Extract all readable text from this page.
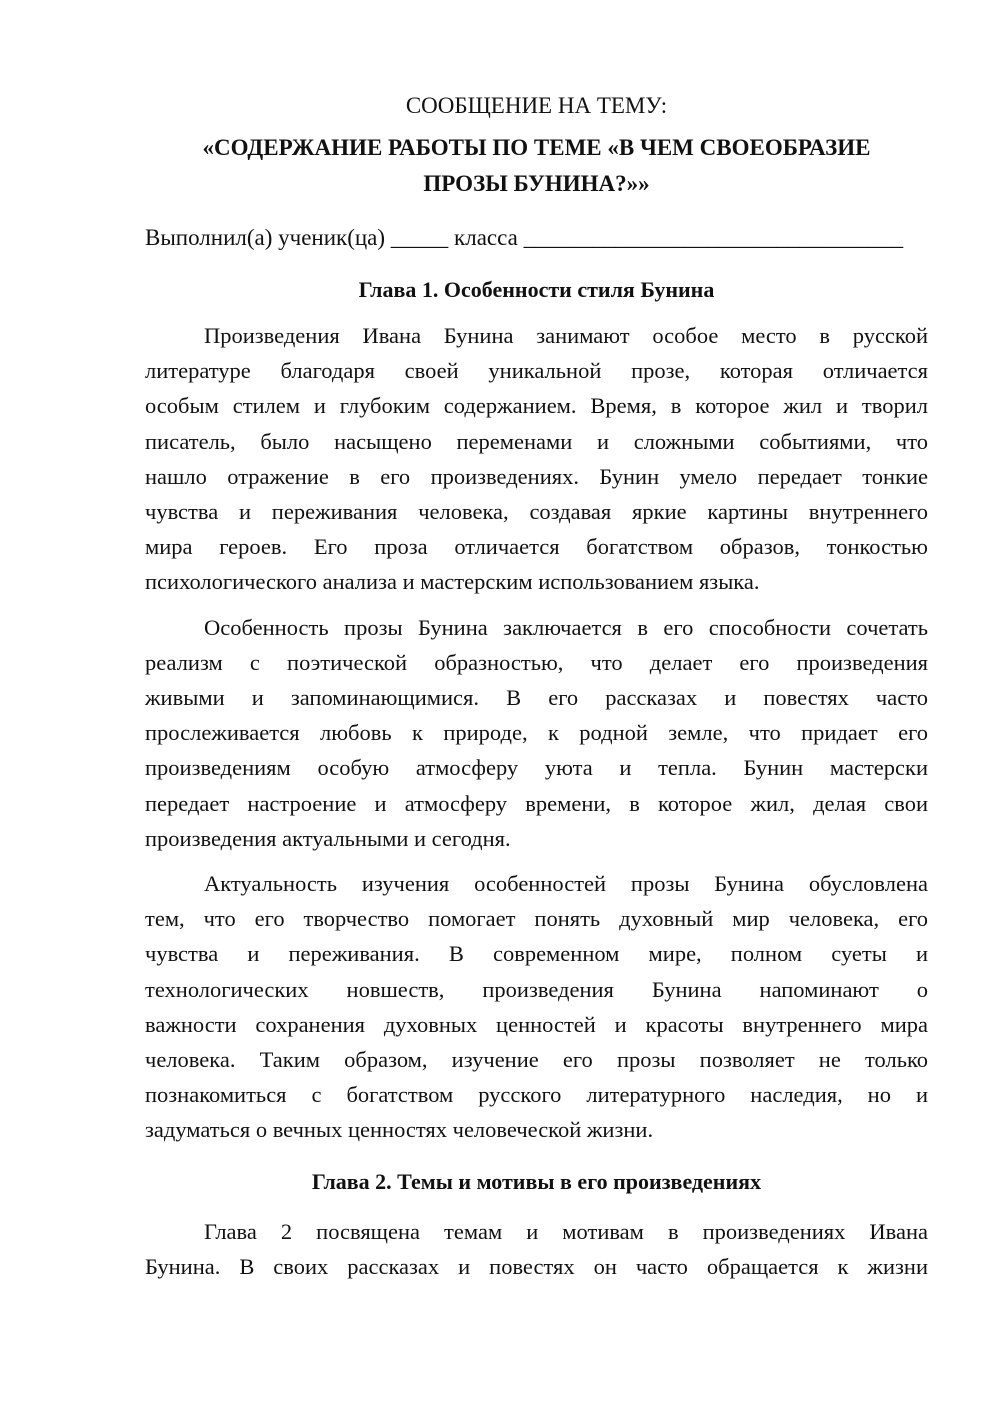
СООБЩЕНИЕ НА ТЕМУ:

«СОДЕРЖАНИЕ РАБОТЫ ПО ТЕМЕ «В ЧЕМ СВОЕОБРАЗИЕ
ПРОЗЫ БУНИНА?»»

Выполнил(а) ученик(ца) _____ класса _________________________________

Глава 1. Особенности стиля Бунина

Произведения Ивана Бунина занимают особое место в русской
литературе благодаря своей уникальной прозе, которая отличается
особым стилем и глубоким содержанием. Время, в которое жил и творил
писатель, было насыщено переменами и сложными событиями, что
нашло отражение в его произведениях. Бунин умело передает тонкие
чувства и переживания человека, создавая яркие картины внутреннего
мира героев. Его проза отличается богатством образов, тонкостью
психологического анализа и мастерским использованием языка.

Особенность прозы Бунина заключается в его способности сочетать
реализм с поэтической образностью, что делает его произведения
живыми и запоминающимися. В его рассказах и повестях часто
прослеживается любовь к природе, к родной земле, что придает его
произведениям особую атмосферу уюта и тепла. Бунин мастерски
передает настроение и атмосферу времени, в которое жил, делая свои
произведения актуальными и сегодня.

Актуальность изучения особенностей прозы Бунина обусловлена
тем, что его творчество помогает понять духовный мир человека, его
чувства и переживания. В современном мире, полном суеты и
технологических новшеств, произведения Бунина напоминают о
важности сохранения духовных ценностей и красоты внутреннего мира
человека. Таким образом, изучение его прозы позволяет не только
познакомиться с богатством русского литературного наследия, но и
задуматься о вечных ценностях человеческой жизни.

Глава 2. Темы и мотивы в его произведениях

Глава 2 посвящена темам и мотивам в произведениях Ивана
Бунина. В своих рассказах и повестях он часто обращается к жизни
